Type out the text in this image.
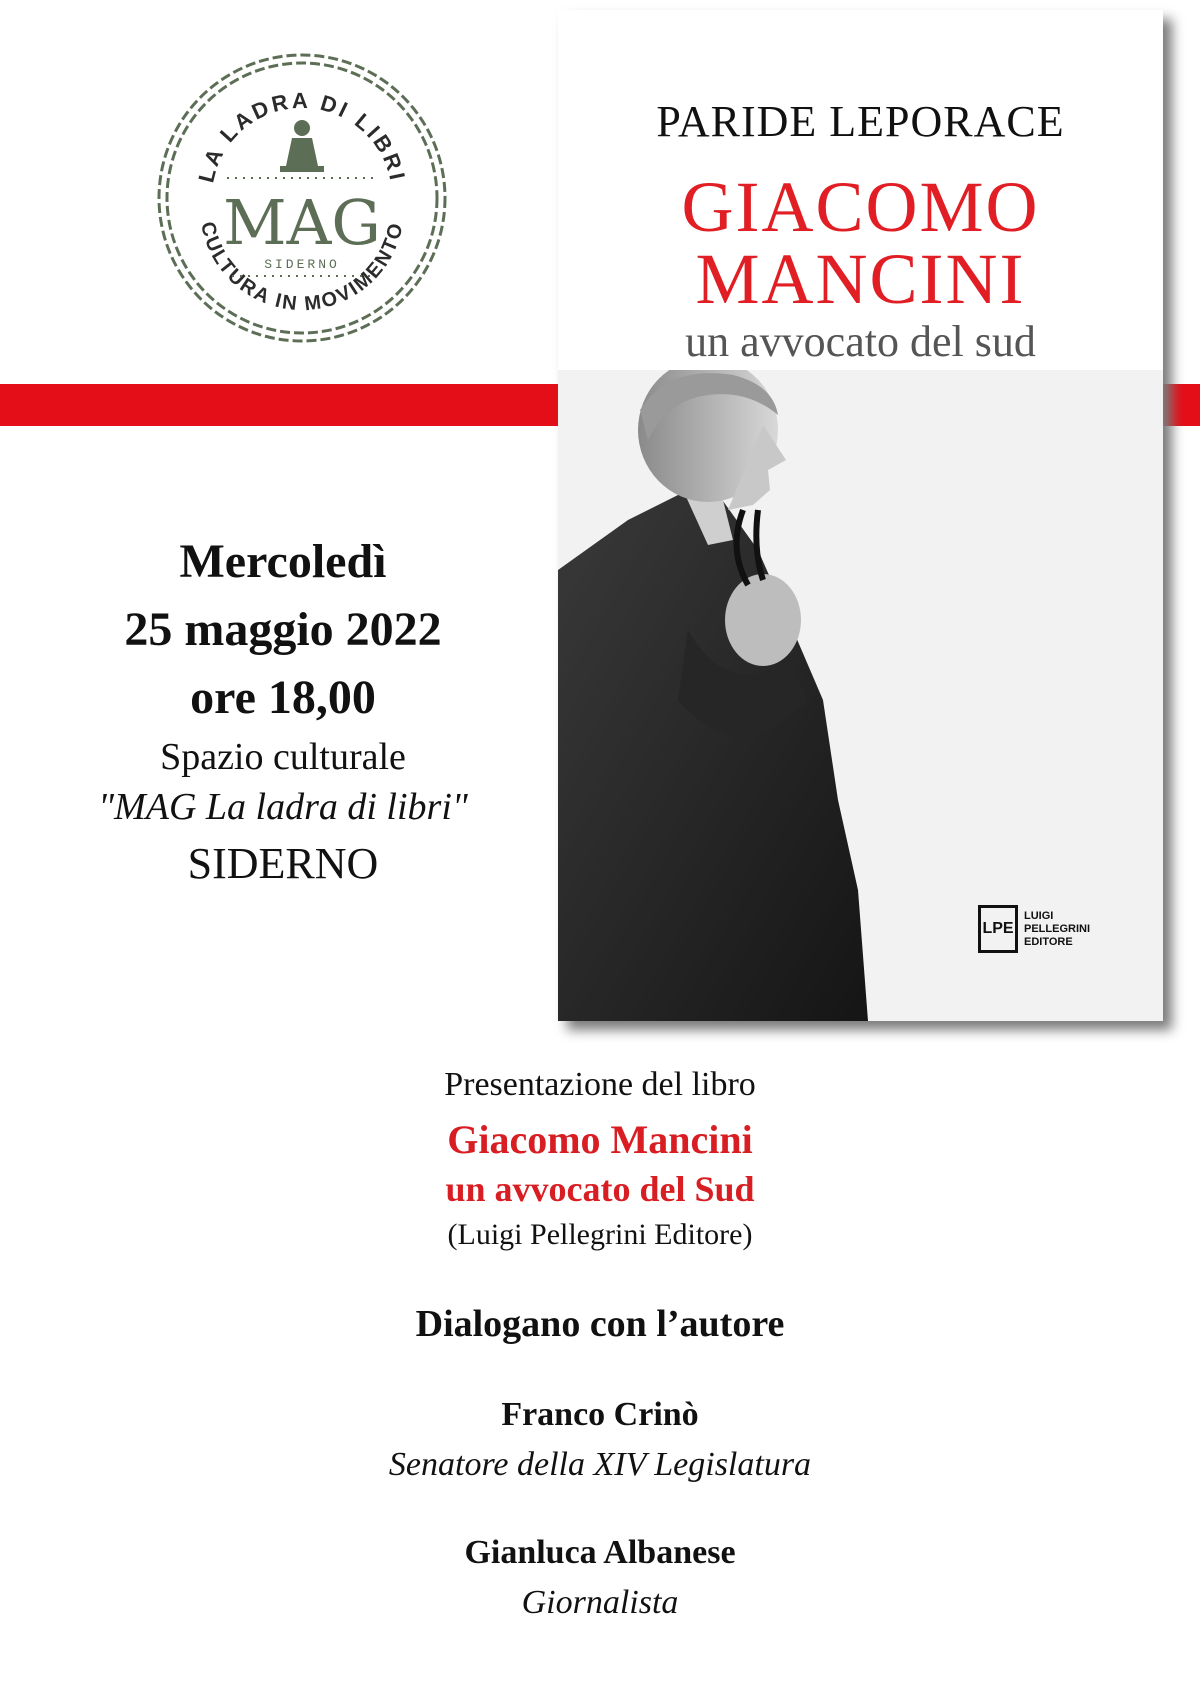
LA LADRA DI LIBRI
CULTURA IN MOVIMENTO
MAG
SIDERNO
Mercoledì
25 maggio 2022
ore 18,00
Spazio culturale
"MAG La ladra di libri"
SIDERNO
PARIDE LEPORACE
GIACOMO
MANCINI
un avvocato del sud
LPE
LUIGI PELLEGRINI EDITORE
Presentazione del libro
Giacomo Mancini
un avvocato del Sud
(Luigi Pellegrini Editore)
Dialogano con l’autore
Franco Crinò
Senatore della XIV Legislatura
Gianluca Albanese
Giornalista
